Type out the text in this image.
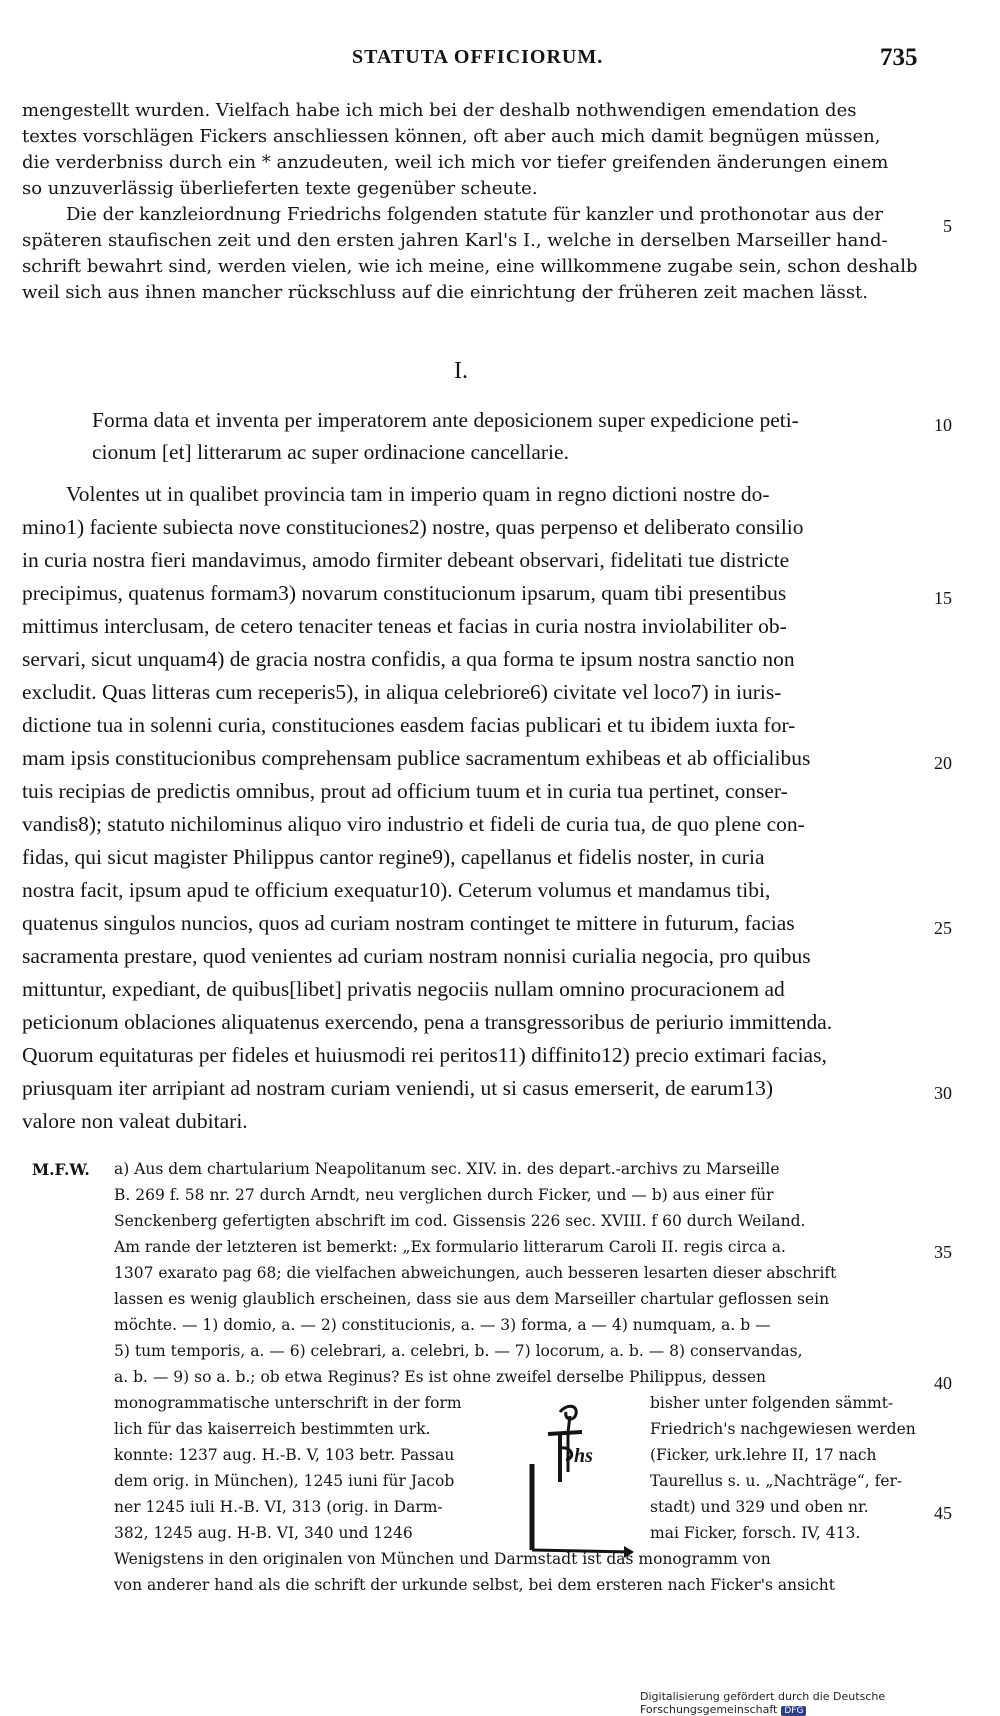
STATUTA OFFICIORUM.	735
mengestellt wurden. Vielfach habe ich mich bei der deshalb nothwendigen emendation des
textes vorschlägen Fickers anschliessen können, oft aber auch mich damit begnügen müssen,
die verderbniss durch ein * anzudeuten, weil ich mich vor tiefer greifenden änderungen einem
so unzuverlässig überlieferten texte gegenüber scheute.
Die der kanzleiordnung Friedrichs folgenden statute für kanzler und prothonotar aus der
späteren staufischen zeit und den ersten jahren Karl's I., welche in derselben Marseiller hand-
schrift bewahrt sind, werden vielen, wie ich meine, eine willkommene zugabe sein, schon deshalb
weil sich aus ihnen mancher rückschluss auf die einrichtung der früheren zeit machen lässt.
I.
Forma data et inventa per imperatorem ante deposicionem super expedicione peti-
cionum [et] litterarum ac super ordinacione cancellarie.
Volentes ut in qualibet provincia tam in imperio quam in regno dictioni nostre do-
mino1) faciente subiecta nove constituciones2) nostre, quas perpenso et deliberato consilio
in curia nostra fieri mandavimus, amodo firmiter debeant observari, fidelitati tue districte
precipimus, quatenus formam3) novarum constitucionum ipsarum, quam tibi presentibus
mittimus interclusam, de cetero tenaciter teneas et facias in curia nostra inviolabiliter ob-
servari, sicut unquam4) de gracia nostra confidis, a qua forma te ipsum nostra sanctio non
excludit. Quas litteras cum receperis5), in aliqua celebriore6) civitate vel loco7) in iuris-
dictione tua in solenni curia, constituciones easdem facias publicari et tu ibidem iuxta for-
mam ipsis constitucionibus comprehensam publice sacramentum exhibeas et ab officialibus
tuis recipias de predictis omnibus, prout ad officium tuum et in curia tua pertinet, conser-
vandis8); statuto nichilominus aliquo viro industrio et fideli de curia tua, de quo plene con-
fidas, qui sicut magister Philippus cantor regine9), capellanus et fidelis noster, in curia
nostra facit, ipsum apud te officium exequatur10). Ceterum volumus et mandamus tibi,
quatenus singulos nuncios, quos ad curiam nostram continget te mittere in futurum, facias
sacramenta prestare, quod venientes ad curiam nostram nonnisi curialia negocia, pro quibus
mittuntur, expediant, de quibus[libet] privatis negociis nullam omnino procuracionem ad
peticionum oblaciones aliquatenus exercendo, pena a transgressoribus de periurio immittenda.
Quorum equitaturas per fideles et huiusmodi rei peritos11) diffinito12) precio extimari facias,
priusquam iter arripiant ad nostram curiam veniendi, ut si casus emerserit, de earum13)
valore non valeat dubitari.
M.F.W. a) Aus dem chartularium Neapolitanum sec. XIV. in. des depart.-archivs zu Marseille
B. 269 f. 58 nr. 27 durch Arndt, neu verglichen durch Ficker, und — b) aus einer für
Senckenberg gefertigten abschrift im cod. Gissensis 226 sec. XVIII. f 60 durch Weiland.
Am rande der letzteren ist bemerkt: „Ex formulario litterarum Caroli II. regis circa a.
1307 exarato pag 68; die vielfachen abweichungen, auch besseren lesarten dieser abschrift
lassen es wenig glaublich erscheinen, dass sie aus dem Marseiller chartular geflossen sein
möchte. — 1) domio, a. — 2) constitucionis, a. — 3) forma, a — 4) numquam, a. b —
5) tum temporis, a. — 6) celebrari, a. celebri, b. — 7) locorum, a. b. — 8) conservandas,
a. b. — 9) so a. b.; ob etwa Reginus? Es ist ohne zweifel derselbe Philippus, dessen
monogrammatische unterschrift in der form
lich für das kaiserreich bestimmten urk.
konnte: 1237 aug. H.-B. V, 103 betr. Passau
dem orig. in München), 1245 iuni für Jacob
ner 1245 iuli H.-B. VI, 313 (orig. in Darm-
382, 1245 aug. H-B. VI, 340 und 1246
hs
bisher unter folgenden sämmt-
Friedrich's nachgewiesen werden
(Ficker, urk.lehre II, 17 nach
Taurellus s. u. „Nachträge“, fer-
stadt) und 329 und oben nr.
mai Ficker, forsch. IV, 413.
Wenigstens in den originalen von München und Darmstadt ist das monogramm von
von anderer hand als die schrift der urkunde selbst, bei dem ersteren nach Ficker's ansicht
5
10
15
20
25
30
35
40
45
Digitalisierung gefördert durch die Deutsche Forschungsgemeinschaft DFG
